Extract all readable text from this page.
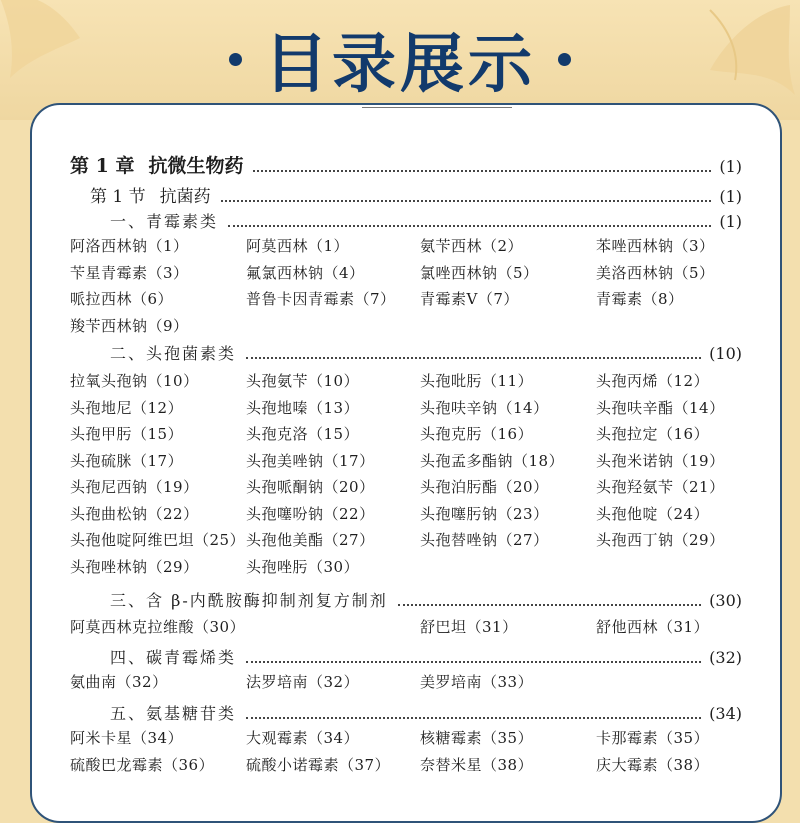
目录展示
第 1 章 抗微生物药	(1)
第 1 节 抗菌药	(1)
一、青霉素类	(1)
阿洛西林钠（1）	阿莫西林（1）	氨苄西林（2）	苯唑西林钠（3）
苄星青霉素（3）	氟氯西林钠（4）	氯唑西林钠（5）	美洛西林钠（5）
哌拉西林（6）	普鲁卡因青霉素（7） 青霉素Ⅴ（7）	青霉素（8）
羧苄西林钠（9）
二、头孢菌素类	(10)
拉氧头孢钠（10）	头孢氨苄（10）	头孢吡肟（11）	头孢丙烯（12）
头孢地尼（12）	头孢地嗪（13）	头孢呋辛钠（14）	头孢呋辛酯（14）
头孢甲肟（15）	头孢克洛（15）	头孢克肟（16）	头孢拉定（16）
头孢硫脒（17）	头孢美唑钠（17）	头孢孟多酯钠（18） 头孢米诺钠（19）
头孢尼西钠（19）	头孢哌酮钠（20）	头孢泊肟酯（20）	头孢羟氨苄（21）
头孢曲松钠（22）	头孢噻吩钠（22）	头孢噻肟钠（23）	头孢他啶（24）
头孢他啶阿维巴坦（25） 头孢他美酯（27）	头孢替唑钠（27）	头孢西丁钠（29）
头孢唑林钠（29）	头孢唑肟（30）
三、含 β-内酰胺酶抑制剂复方制剂	(30)
阿莫西林克拉维酸（30）	舒巴坦（31）	舒他西林（31）
四、碳青霉烯类	(32)
氨曲南（32）	法罗培南（32）	美罗培南（33）
五、氨基糖苷类	(34)
阿米卡星（34）	大观霉素（34）	核糖霉素（35）	卡那霉素（35）
硫酸巴龙霉素（36） 硫酸小诺霉素（37） 奈替米星（38）	庆大霉素（38）
